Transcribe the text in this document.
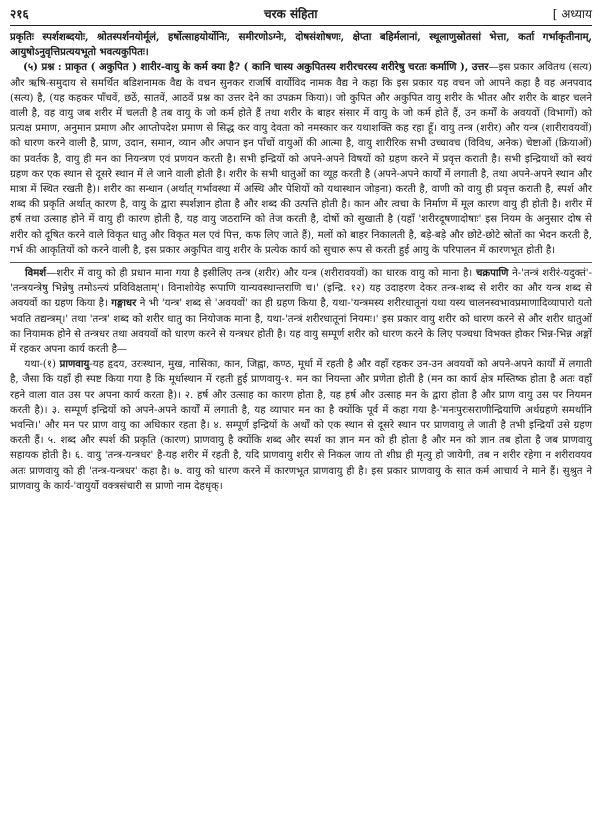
२१६	चरक संहिता	[ अध्याय

प्रकृतिः स्पर्शशब्दयोः, श्रोतस्पर्शनयोर्मूलं, हर्षोत्साहयोर्योनिः, समीरणोऽग्नेः, दोषसंशोषणः, क्षेप्ता बहिर्मलानां, स्थूलाणुस्रोतसां भेत्ता, कर्ता गर्भाकृतीनाम्, आयुषोऽनुवृत्तिप्रत्ययभूतो भवत्यकुपितः।

(५) प्रश्न : प्राकृत ( अकुपित ) शारीर-वायु के कर्म क्या है? ( कानि चास्य अकुपितस्य शरीरचरस्य शरीरेषु चरतः कर्माणि ), उत्तर—इस प्रकार अवितथ (सत्य) और ऋषि-समुदाय से समर्थित बडिशनामक वैद्य के वचन सुनकर राजर्षि वार्योविद नामक वैद्य ने कहा कि इस प्रकार यह वचन जो आपने कहा है वह अनपवाद (सत्य) है, (यह कहकर पाँचवें, छठें, सातवें, आठवें प्रश्न का उत्तर देने का उपक्रम किया)। जो कुपित और अकुपित वायु शरीर के भीतर और शरीर के बाहर चलने वाली है, वह वायु जब शरीर में चलती है तब वायु के जो कर्म होते हैं तथा शरीर के बाहर संसार में वायु के जो कर्म होते हैं, उन कर्मों के अवयवों (विभागों) को प्रत्यक्ष प्रमाण, अनुमान प्रमाण और आप्तोपदेश प्रमाण से सिद्ध कर वायु देवता को नमस्कार कर यथाशक्ति कह रहा हूँ। वायु तन्त्र (शरीर) और यन्त्र (शारीरावयवों) को धारण करने वाली है, प्राण, उदान, समान, व्यान और अपान इन पाँचों वायुओं की आत्मा है, वायु शारीरिक सभी उच्चावच (विविध, अनेक) चेष्टाओं (क्रियाओं) का प्रवर्तक है, वायु ही मन का नियन्त्रण एवं प्रणयन करती है। सभी इन्द्रियों को अपने-अपने विषयों को ग्रहण करने में प्रवृत्त कराती है। सभी इन्द्रियाथों को स्वयं ग्रहण कर एक स्थान से दूसरे स्थान में ले जाने वाली होती है। शरीर के सभी धातुओं का व्यूह करती है (अपने-अपने कार्यों में लगाती है, तथा अपने-अपने स्थान और मात्रा में स्थित रखती है)। शरीर का सन्धान (अर्थात् गर्भावस्था में अस्थि और पेशियों को यथास्थान जोड़ना) करती है, वाणी को वायु ही प्रवृत्त कराती है, स्पर्श और शब्द की प्रकृति अर्थात् कारण है, वायु के द्वारा स्पर्शज्ञान होता है और शब्द की उत्पत्ति होती है। कान और त्वचा के निर्माण में मूल कारण वायु ही होती है। शरीर में हर्ष तथा उत्साह होने में वायु ही कारण होती है, यह वायु जठराग्नि को तेज करती है, दोषों को सुखाती है (यहाँ 'शरीरदूषणादोषाः' इस नियम के अनुसार दोष से शरीर को दूषित करने वाले विकृत धातु और विकृत मल एवं पित्त, कफ लिए जाते हैं), मलों को बाहर निकालती है, बड़े-बड़े और छोटे-छोटे स्रोतों का भेदन करती है, गर्भ की आकृतियों को करने वाली है, इस प्रकार अकुपित वायु शरीर के प्रत्येक कार्य को सुचारु रूप से करती हुई आयु के परिपालन में कारणभूत होती है।

विमर्श—शरीर में वायु को ही प्रधान माना गया है इसीलिए तन्त्र (शरीर) और यन्त्र (शरीरावयवों) का धारक वायु को माना है। चक्रपाणि ने-'तन्त्रं शरीरं-यदुक्तं'-'तन्त्रयन्त्रेषु भिन्नेषु तमोऽन्त्यं प्रविविक्षताम्'। विनाशोयेह रूपाणि यान्यवस्थान्तराणि च।' (इन्द्रि. १२) यह उदाहरण देकर तन्त्र-शब्द से शरीर का और यन्त्र शब्द से अवयवों का ग्रहण किया है। गङ्गाधर ने भी 'यन्त्र' शब्द से 'अवयवों' का ही ग्रहण किया है, यथा-'यन्त्रमस्य शरीरधातूनां यथा यस्य चालनस्वभावप्रमाणादिव्यापारो यतो भवति तद्यन्त्रम्।' तथा 'तन्त्र' शब्द को शरीर धातु का नियोजक माना है, यथा-'तन्त्रं शरीरधातूनां नियमः।' इस प्रकार वायु शरीर को धारण करने से और शरीर धातुओं का नियामक होने से तन्त्रधर तथा अवयवों को धारण करने से यन्त्रधर होती है। यह वायु सम्पूर्ण शरीर को धारण करने के लिए पञ्चधा विभक्त होकर भिन्न-भिन्न अङ्गों में रहकर अपना कार्य करती है—

यथा-(१) प्राणवायु-यह हृदय, उरःस्थान, मुख, नासिका, कान, जिह्वा, कण्ठ, मूर्धा में रहती है और वहाँ रहकर उन-उन अवयवों को अपने-अपने कार्यों में लगाती है, जैसा कि यहाँ ही स्पष्ट किया गया है कि मूर्धास्थान में रहती हुई प्राणवायु-१. मन का नियन्ता और प्रणेता होती है (मन का कार्य क्षेत्र मस्तिष्क होता है अतः वहाँ रहने वाला वात उस पर अपना कार्य करता है)। २. हर्ष और उत्साह का कारण होता है, यह हर्ष और उत्साह मन के द्वारा होता है और प्राण वायु उस पर नियमन करती है)। ३. सम्पूर्ण इन्द्रियों को अपने-अपने कार्यों में लगाती है, यह व्यापार मन का है क्योंकि पूर्व में कहा गया है-'मनःपुरःसराणीन्द्रियाणि अर्थग्रहणे समर्थानि भवन्ति।' और मन पर प्राण वायु का अधिकार रहता है। ४. सम्पूर्ण इन्द्रियों के अर्थों को एक स्थान से दूसरे स्थान पर प्राणवायु ले जाती है तभी इन्द्रियाँ उसे ग्रहण करती हैं। ५. शब्द और स्पर्श की प्रकृति (कारण) प्राणवायु है क्योंकि शब्द और स्पर्श का ज्ञान मन को ही होता है और मन को ज्ञान तब होता है जब प्राणवायु सहायक होती है। ६. वायु 'तन्त्र-यन्त्रधर' है-यह शरीर में रहती है, यदि प्राणवायु शरीर से निकल जाय तो शीघ्र ही मृत्यु हो जायेगी, तब न शरीर रहेगा न शरीरावयव अतः प्राणवायु को ही 'तन्त्र-यन्त्रधर' कहा है। ७. वायु को धारण करने में कारणभूत प्राणवायु ही है। इस प्रकार प्राणवायु के सात कर्म आचार्य ने माने हैं। सुश्रुत ने प्राणवायु के कार्य-'वायुर्यो वक्त्रसंचारी स प्राणो नाम देहधृक्।
